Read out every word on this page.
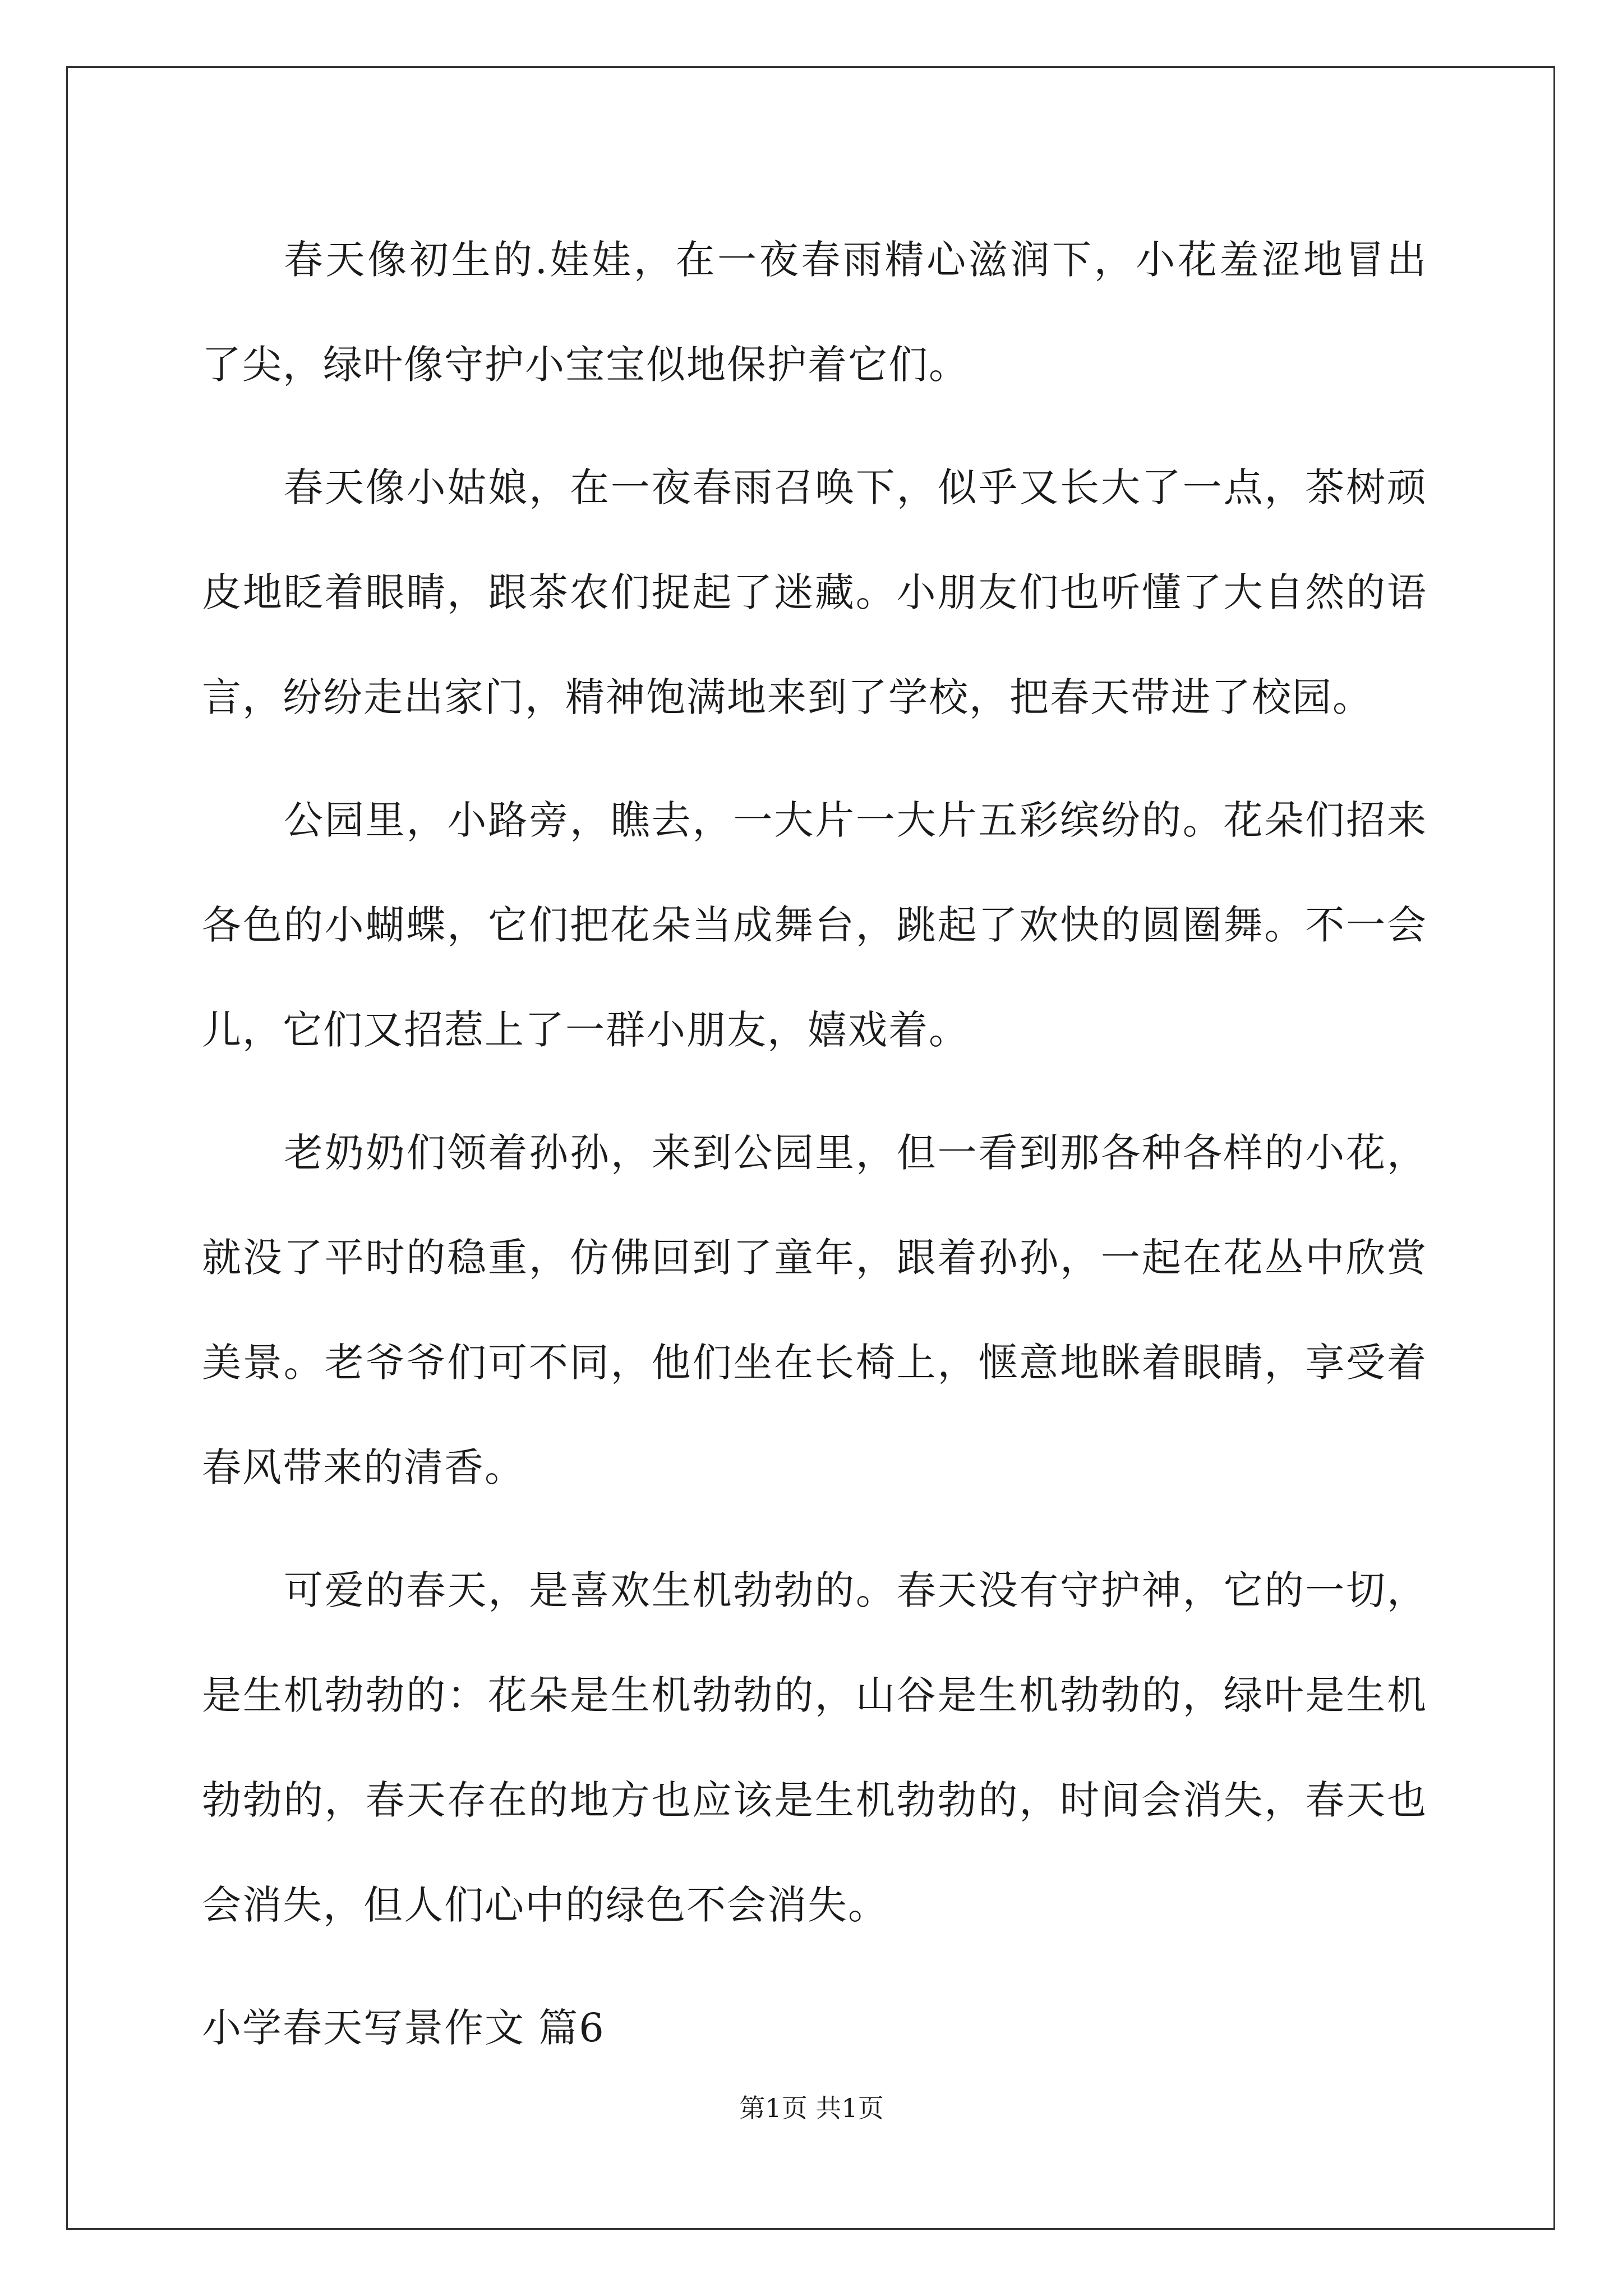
春天像初生的.娃娃，在一夜春雨精心滋润下，小花羞涩地冒出了尖，绿叶像守护小宝宝似地保护着它们。

春天像小姑娘，在一夜春雨召唤下，似乎又长大了一点，茶树顽皮地眨着眼睛，跟茶农们捉起了迷藏。小朋友们也听懂了大自然的语言，纷纷走出家门，精神饱满地来到了学校，把春天带进了校园。

公园里，小路旁，瞧去，一大片一大片五彩缤纷的。花朵们招来各色的小蝴蝶，它们把花朵当成舞台，跳起了欢快的圆圈舞。不一会儿，它们又招惹上了一群小朋友，嬉戏着。

老奶奶们领着孙孙，来到公园里，但一看到那各种各样的小花，就没了平时的稳重，仿佛回到了童年，跟着孙孙，一起在花丛中欣赏美景。老爷爷们可不同，他们坐在长椅上，惬意地眯着眼睛，享受着春风带来的清香。

可爱的春天，是喜欢生机勃勃的。春天没有守护神，它的一切，是生机勃勃的：花朵是生机勃勃的，山谷是生机勃勃的，绿叶是生机勃勃的，春天存在的地方也应该是生机勃勃的，时间会消失，春天也会消失，但人们心中的绿色不会消失。

小学春天写景作文 篇6

第1页 共1页
